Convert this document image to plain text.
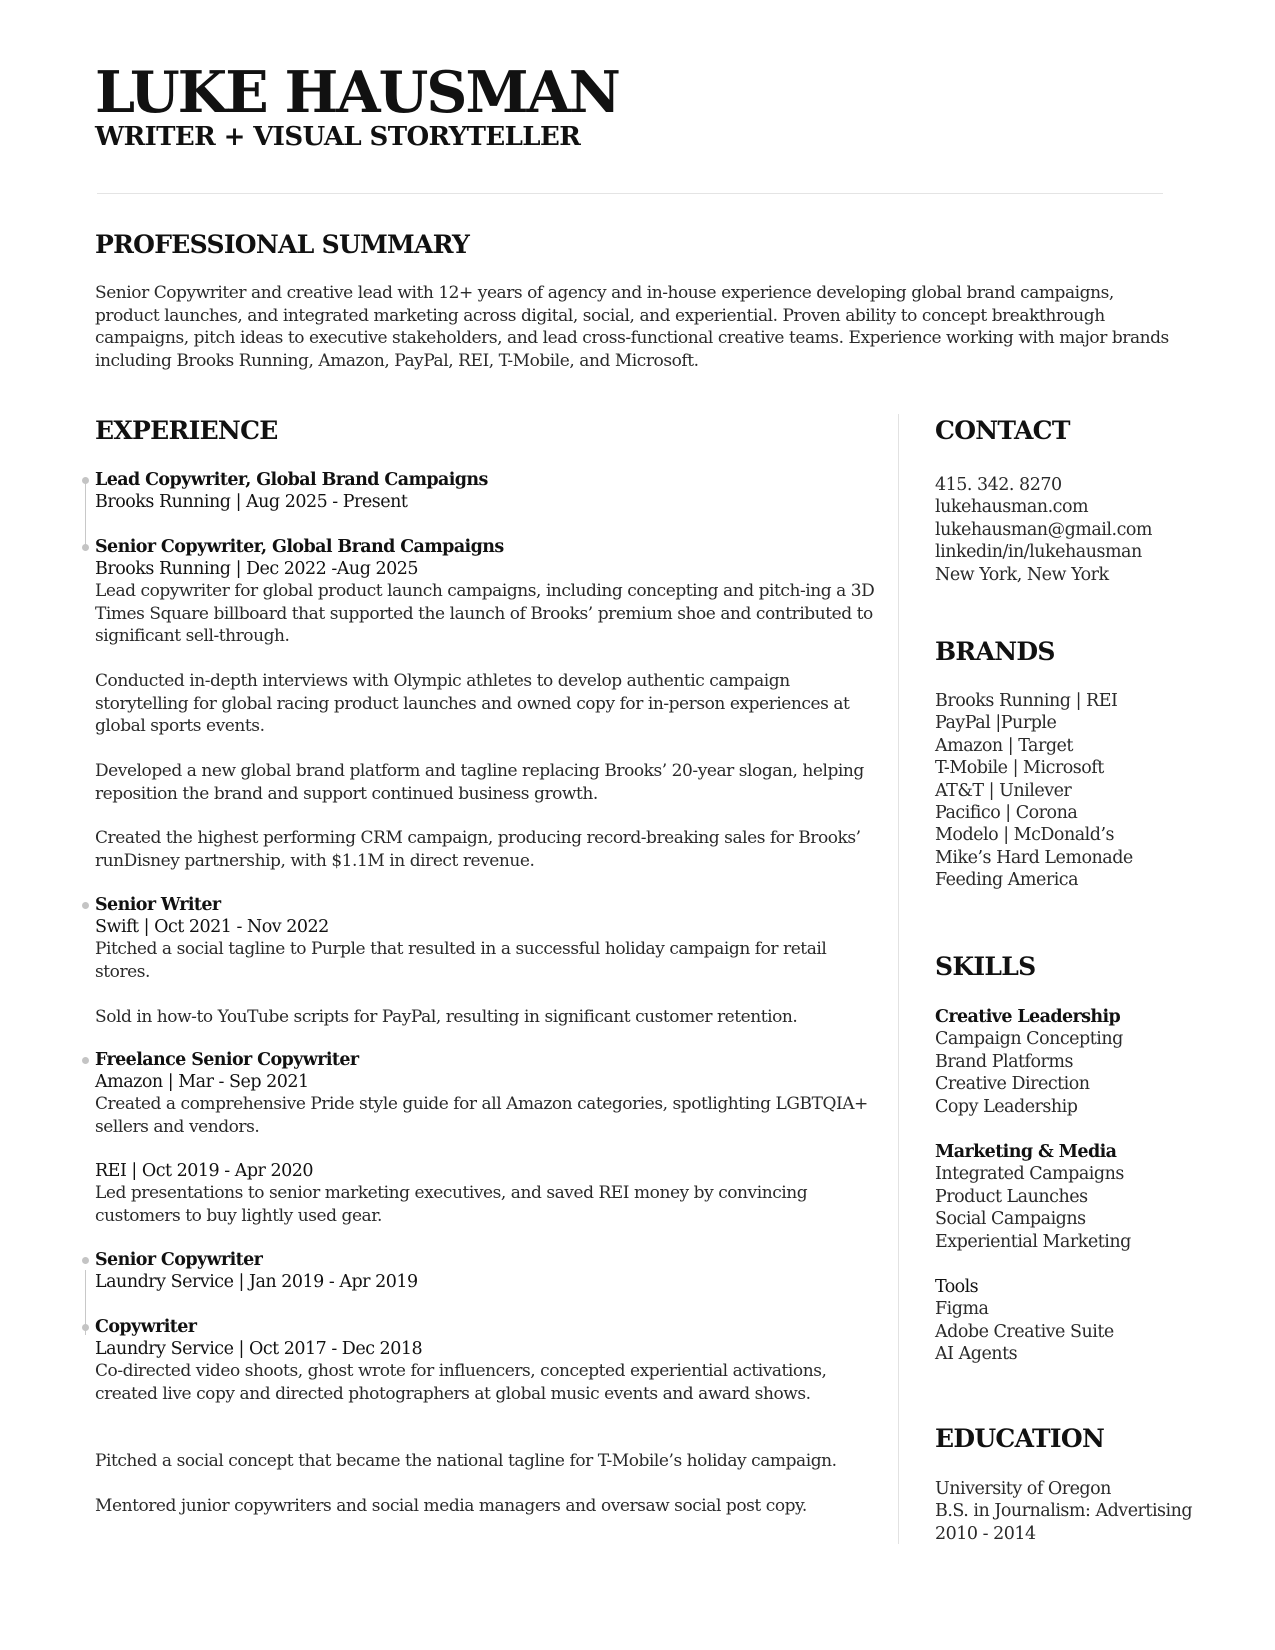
LUKE HAUSMAN
WRITER + VISUAL STORYTELLER
PROFESSIONAL SUMMARY

Senior Copywriter and creative lead with 12+ years of agency and in-house experience developing global brand campaigns, product launches, and integrated marketing across digital, social, and experiential. Proven ability to concept breakthrough campaigns, pitch ideas to executive stakeholders, and lead cross-functional creative teams. Experience working with major brands including Brooks Running, Amazon, PayPal, REI, T-Mobile, and Microsoft.

EXPERIENCE

Lead Copywriter, Global Brand Campaigns

Brooks Running | Aug 2025 - Present

Senior Copywriter, Global Brand Campaigns

Brooks Running | Dec 2022 -Aug 2025

Lead copywriter for global product launch campaigns, including concepting and pitch-ing a 3D Times Square billboard that supported the launch of Brooks’ premium shoe and contributed to significant sell-through.

Conducted in-depth interviews with Olympic athletes to develop authentic campaign storytelling for global racing product launches and owned copy for in-person experiences at global sports events.

Developed a new global brand platform and tagline replacing Brooks’ 20-year slogan, helping reposition the brand and support continued business growth.

Created the highest performing CRM campaign, producing record-breaking sales for Brooks’ runDisney partnership, with $1.1M in direct revenue.

Senior Writer

Swift | Oct 2021 - Nov 2022

Pitched a social tagline to Purple that resulted in a successful holiday campaign for retail stores.

Sold in how-to YouTube scripts for PayPal, resulting in significant customer retention.

Freelance Senior Copywriter

Amazon | Mar - Sep 2021

Created a comprehensive Pride style guide for all Amazon categories, spotlighting LGBTQIA+ sellers and vendors.

REI | Oct 2019 - Apr 2020

Led presentations to senior marketing executives, and saved REI money by convincing customers to buy lightly used gear.

Senior Copywriter

Laundry Service | Jan 2019 - Apr 2019

Copywriter

Laundry Service | Oct 2017 - Dec 2018

Co-directed video shoots, ghost wrote for influencers, concepted experiential activations, created live copy and directed photographers at global music events and award shows.

Pitched a social concept that became the national tagline for T-Mobile’s holiday campaign.

Mentored junior copywriters and social media managers and oversaw social post copy.

CONTACT
415. 342. 8270
lukehausman.com
lukehausman@gmail.com
linkedin/in/lukehausman
New York, New York
BRANDS
Brooks Running | REI
PayPal |Purple
Amazon | Target
T-Mobile | Microsoft
AT&T | Unilever
Pacifico | Corona
Modelo | McDonald’s
Mike’s Hard Lemonade
Feeding America
SKILLS
Creative Leadership
Campaign Concepting
Brand Platforms
Creative Direction
Copy Leadership
Marketing & Media
Integrated Campaigns
Product Launches
Social Campaigns
Experiential Marketing
Tools
Figma
Adobe Creative Suite
AI Agents
EDUCATION
University of Oregon
B.S. in Journalism: Advertising
2010 - 2014
